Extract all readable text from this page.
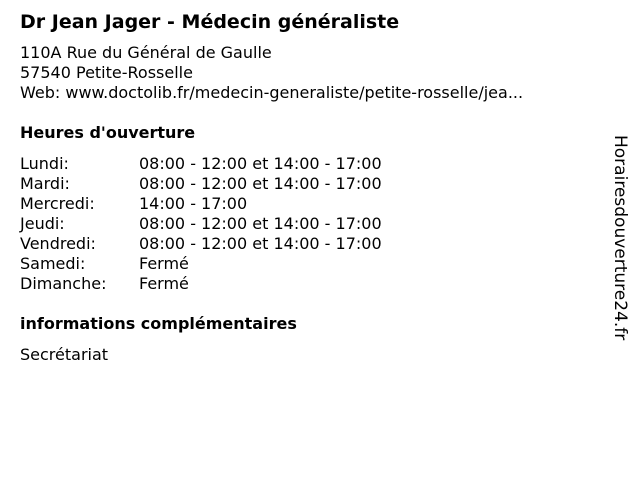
Dr Jean Jager - Médecin généraliste
110A Rue du Général de Gaulle
57540 Petite-Rosselle
Web: www.doctolib.fr/medecin-generaliste/petite-rosselle/jea...
Heures d'ouverture
Lundi:	08:00 - 12:00 et 14:00 - 17:00
Mardi:	08:00 - 12:00 et 14:00 - 17:00
Mercredi:	14:00 - 17:00
Jeudi:	08:00 - 12:00 et 14:00 - 17:00
Vendredi:	08:00 - 12:00 et 14:00 - 17:00
Samedi:	Fermé
Dimanche:	Fermé
informations complémentaires
Secrétariat
Horairesdouverture24.fr
